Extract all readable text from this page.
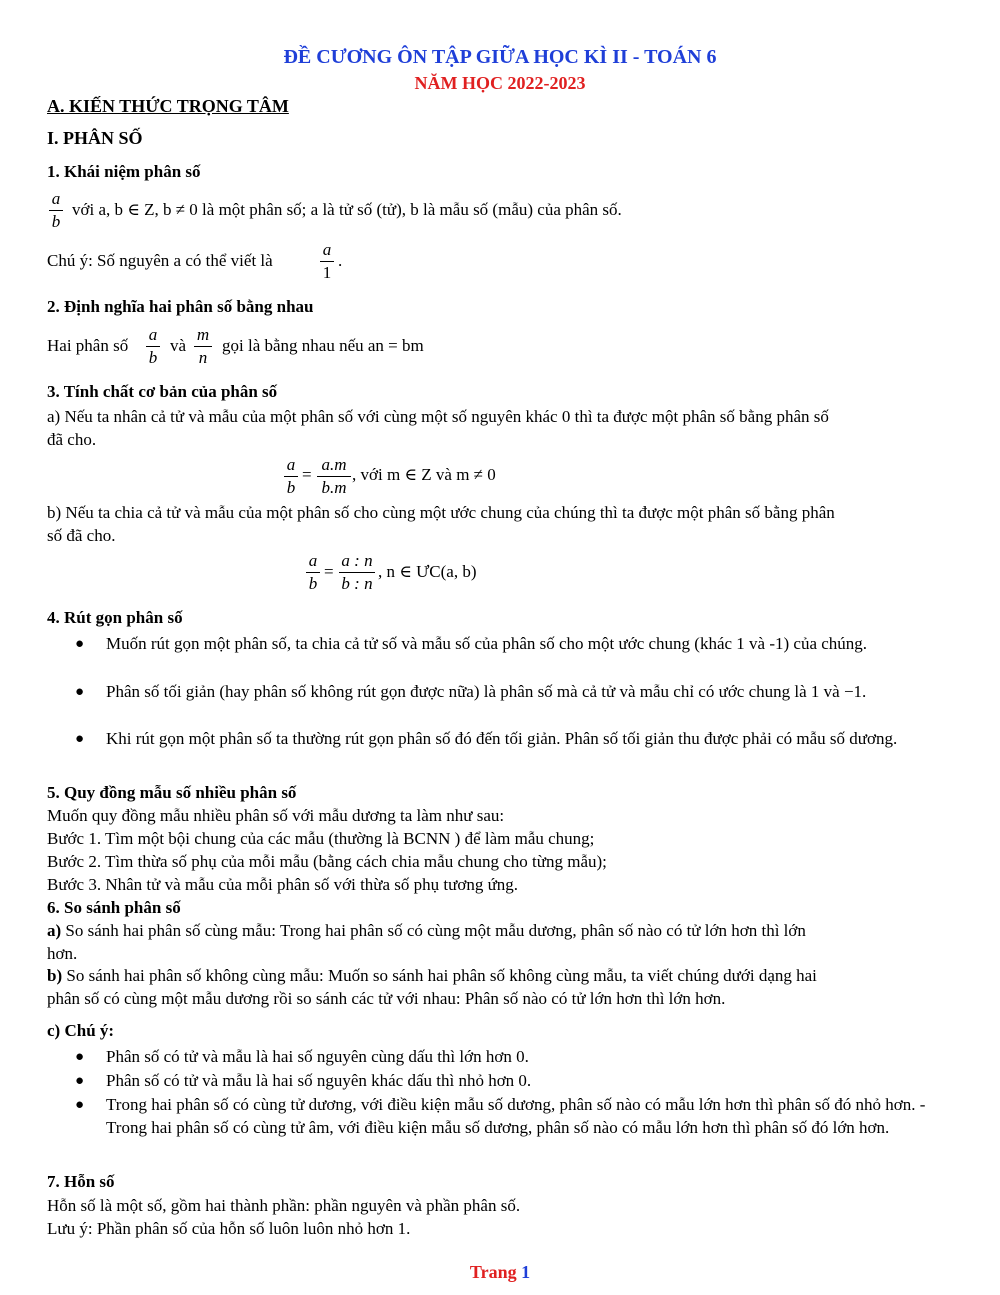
ĐỀ CƯƠNG ÔN TẬP GIỮA HỌC KÌ II - TOÁN 6
NĂM HỌC 2022-2023
A. KIẾN THỨC TRỌNG TÂM
I. PHÂN SỐ
1. Khái niệm phân số
a
b
với a, b ∈ Z, b ≠ 0 là một phân số; a là tử số (tử), b là mẫu số (mẫu) của phân số.
Chú ý: Số nguyên a có thể viết là
a
1
.
2. Định nghĩa hai phân số bằng nhau
Hai phân số
a
b
và
m
n
gọi là bằng nhau nếu an = bm
3. Tính chất cơ bản của phân số
a) Nếu ta nhân cả tử và mẫu của một phân số với cùng một số nguyên khác 0 thì ta được một phân số bằng phân số
đã cho.
a
b
=
a.m
b.m
, với m ∈ Z và m ≠ 0
b) Nếu ta chia cả tử và mẫu của một phân số cho cùng một ước chung của chúng thì ta được một phân số bằng phân
số đã cho.
a
b
=
a : n
b : n
, n ∈ ƯC(a, b)
4. Rút gọn phân số
● Muốn rút gọn một phân số, ta chia cả tử số và mẫu số của phân số cho một ước chung (khác 1 và -1) của chúng.
● Phân số tối giản (hay phân số không rút gọn được nữa) là phân số mà cả tử và mẫu chỉ có ước chung là 1 và −1.
● Khi rút gọn một phân số ta thường rút gọn phân số đó đến tối giản. Phân số tối giản thu được phải có mẫu số dương.
5. Quy đồng mẫu số nhiều phân số
Muốn quy đồng mẫu nhiều phân số với mẫu dương ta làm như sau:
Bước 1. Tìm một bội chung của các mẫu (thường là BCNN ) để làm mẫu chung;
Bước 2. Tìm thừa số phụ của mỗi mẫu (bằng cách chia mẫu chung cho từng mẫu);
Bước 3. Nhân tử và mẫu của mỗi phân số với thừa số phụ tương ứng.
6. So sánh phân số
a) So sánh hai phân số cùng mẫu: Trong hai phân số có cùng một mẫu dương, phân số nào có tử lớn hơn thì lớn
hơn.
b) So sánh hai phân số không cùng mẫu: Muốn so sánh hai phân số không cùng mẫu, ta viết chúng dưới dạng hai
phân số có cùng một mẫu dương rồi so sánh các tử với nhau: Phân số nào có tử lớn hơn thì lớn hơn.
c) Chú ý:
● Phân số có tử và mẫu là hai số nguyên cùng dấu thì lớn hơn 0.
● Phân số có tử và mẫu là hai số nguyên khác dấu thì nhỏ hơn 0.
● Trong hai phân số có cùng tử dương, với điều kiện mẫu số dương, phân số nào có mẫu lớn hơn thì phân số đó nhỏ hơn. - Trong hai phân số có cùng tử âm, với điều kiện mẫu số dương, phân số nào có mẫu lớn hơn thì phân số đó lớn hơn.
7. Hỗn số
Hỗn số là một số, gồm hai thành phần: phần nguyên và phần phân số.
Lưu ý: Phần phân số của hỗn số luôn luôn nhỏ hơn 1.
Trang 1
